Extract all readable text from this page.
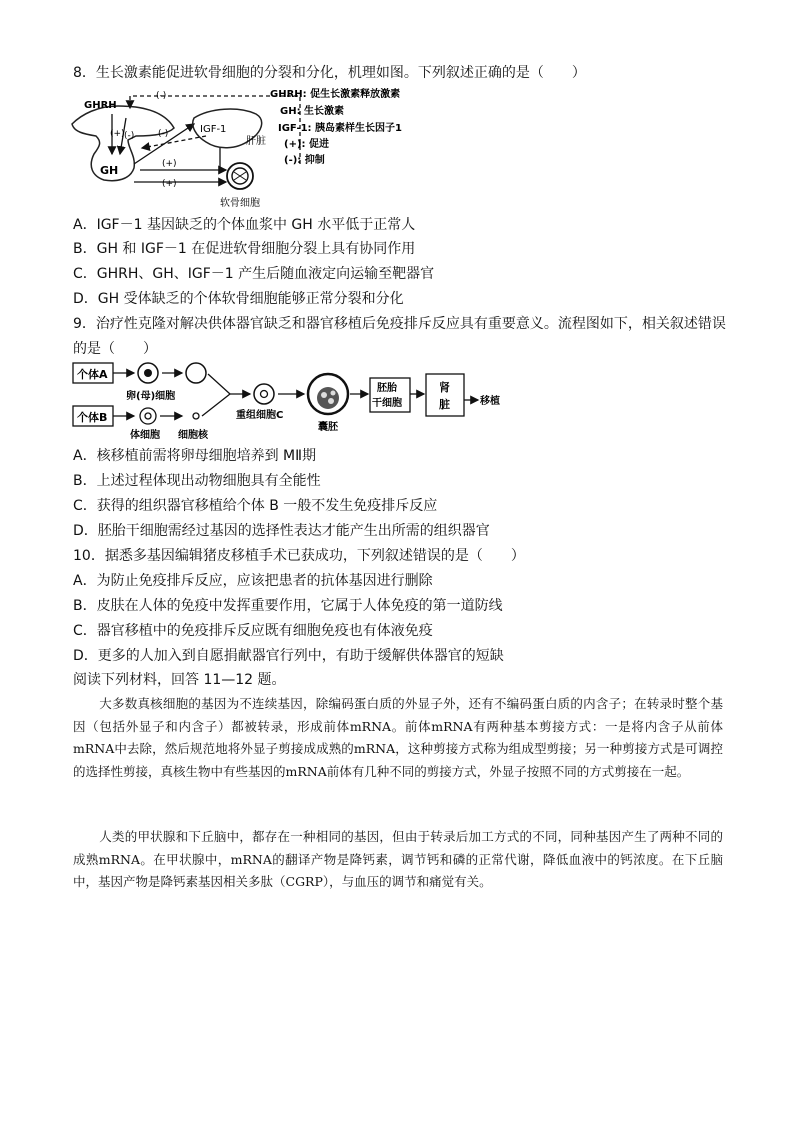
8．生长激素能促进软骨细胞的分裂和分化，机理如图。下列叙述正确的是（　　）
GHRH
GH
(+) (-)
(-)
(-)	IGF-1
肝脏
(+)
(+)
软骨细胞
GHRH: 促生长激素释放激素
GH: 生长激素
IGF-1: 胰岛素样生长因子1
(+): 促进
(-): 抑制
A．IGF－1 基因缺乏的个体血浆中 GH 水平低于正常人
B．GH 和 IGF－1 在促进软骨细胞分裂上具有协同作用
C．GHRH、GH、IGF－1 产生后随血液定向运输至靶器官
D．GH 受体缺乏的个体软骨细胞能够正常分裂和分化
9．治疗性克隆对解决供体器官缺乏和器官移植后免疫排斥反应具有重要意义。流程图如下，相关叙述错误
的是（　　）
个体A
卵(母)细胞
个体B
体细胞 细胞核
重组细胞C
囊胚
胚胎
干细胞
肾
脏	移植
A．核移植前需将卵母细胞培养到 MⅡ期
B．上述过程体现出动物细胞具有全能性
C．获得的组织器官移植给个体 B 一般不发生免疫排斥反应
D．胚胎干细胞需经过基因的选择性表达才能产生出所需的组织器官
10．据悉多基因编辑猪皮移植手术已获成功，下列叙述错误的是（　　）
A．为防止免疫排斥反应，应该把患者的抗体基因进行删除
B．皮肤在人体的免疫中发挥重要作用，它属于人体免疫的第一道防线
C．器官移植中的免疫排斥反应既有细胞免疫也有体液免疫
D．更多的人加入到自愿捐献器官行列中，有助于缓解供体器官的短缺
阅读下列材料，回答 11—12 题。
大多数真核细胞的基因为不连续基因，除编码蛋白质的外显子外，还有不编码蛋白质的内含子；在转录时整个基因（包括外显子和内含子）都被转录，形成前体mRNA。前体mRNA有两种基本剪接方式：一是将内含子从前体mRNA中去除，然后规范地将外显子剪接成成熟的mRNA，这种剪接方式称为组成型剪接；另一种剪接方式是可调控的选择性剪接，真核生物中有些基因的mRNA前体有几种不同的剪接方式，外显子按照不同的方式剪接在一起。
人类的甲状腺和下丘脑中，都存在一种相同的基因，但由于转录后加工方式的不同，同种基因产生了两种不同的成熟mRNA。在甲状腺中，mRNA的翻译产物是降钙素，调节钙和磷的正常代谢，降低血液中的钙浓度。在下丘脑中，基因产物是降钙素基因相关多肽（CGRP），与血压的调节和痛觉有关。
